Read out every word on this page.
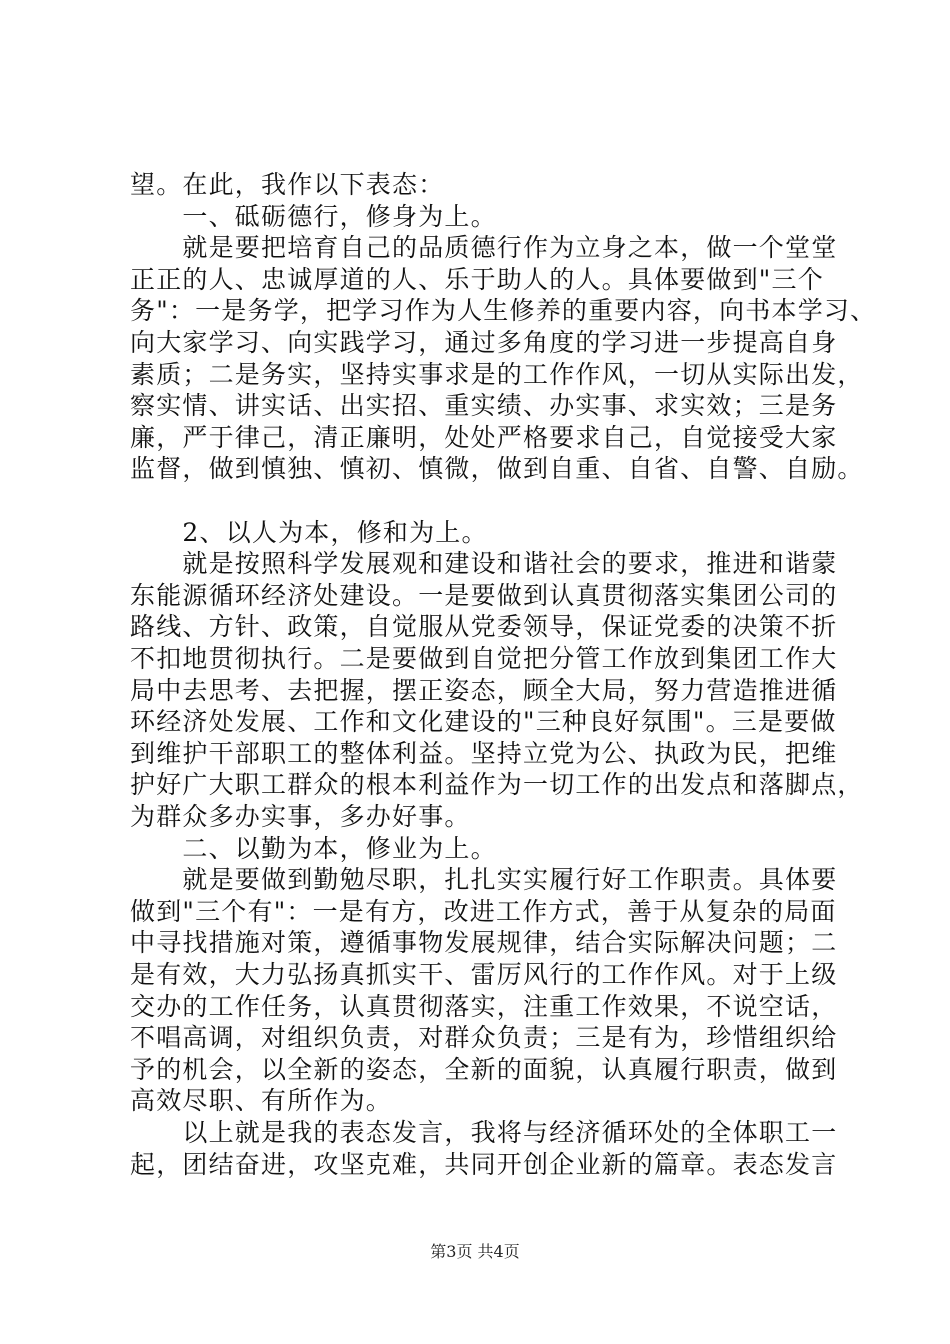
望。在此，我作以下表态：
　　一、砥砺德行，修身为上。
　　就是要把培育自己的品质德行作为立身之本，做一个堂堂
正正的人、忠诚厚道的人、乐于助人的人。具体要做到"三个
务"：一是务学，把学习作为人生修养的重要内容，向书本学习、
向大家学习、向实践学习，通过多角度的学习进一步提高自身
素质；二是务实，坚持实事求是的工作作风，一切从实际出发，
察实情、讲实话、出实招、重实绩、办实事、求实效；三是务
廉，严于律己，清正廉明，处处严格要求自己，自觉接受大家
监督，做到慎独、慎初、慎微，做到自重、自省、自警、自励。
　　2、以人为本，修和为上。
　　就是按照科学发展观和建设和谐社会的要求，推进和谐蒙
东能源循环经济处建设。一是要做到认真贯彻落实集团公司的
路线、方针、政策，自觉服从党委领导，保证党委的决策不折
不扣地贯彻执行。二是要做到自觉把分管工作放到集团工作大
局中去思考、去把握，摆正姿态，顾全大局，努力营造推进循
环经济处发展、工作和文化建设的"三种良好氛围"。三是要做
到维护干部职工的整体利益。坚持立党为公、执政为民，把维
护好广大职工群众的根本利益作为一切工作的出发点和落脚点，
为群众多办实事，多办好事。
　　二、以勤为本，修业为上。
　　就是要做到勤勉尽职，扎扎实实履行好工作职责。具体要
做到"三个有"：一是有方，改进工作方式，善于从复杂的局面
中寻找措施对策，遵循事物发展规律，结合实际解决问题；二
是有效，大力弘扬真抓实干、雷厉风行的工作作风。对于上级
交办的工作任务，认真贯彻落实，注重工作效果，不说空话，
不唱高调，对组织负责，对群众负责；三是有为，珍惜组织给
予的机会，以全新的姿态，全新的面貌，认真履行职责，做到
高效尽职、有所作为。
　　以上就是我的表态发言，我将与经济循环处的全体职工一
起，团结奋进，攻坚克难，共同开创企业新的篇章。表态发言
第3页 共4页
